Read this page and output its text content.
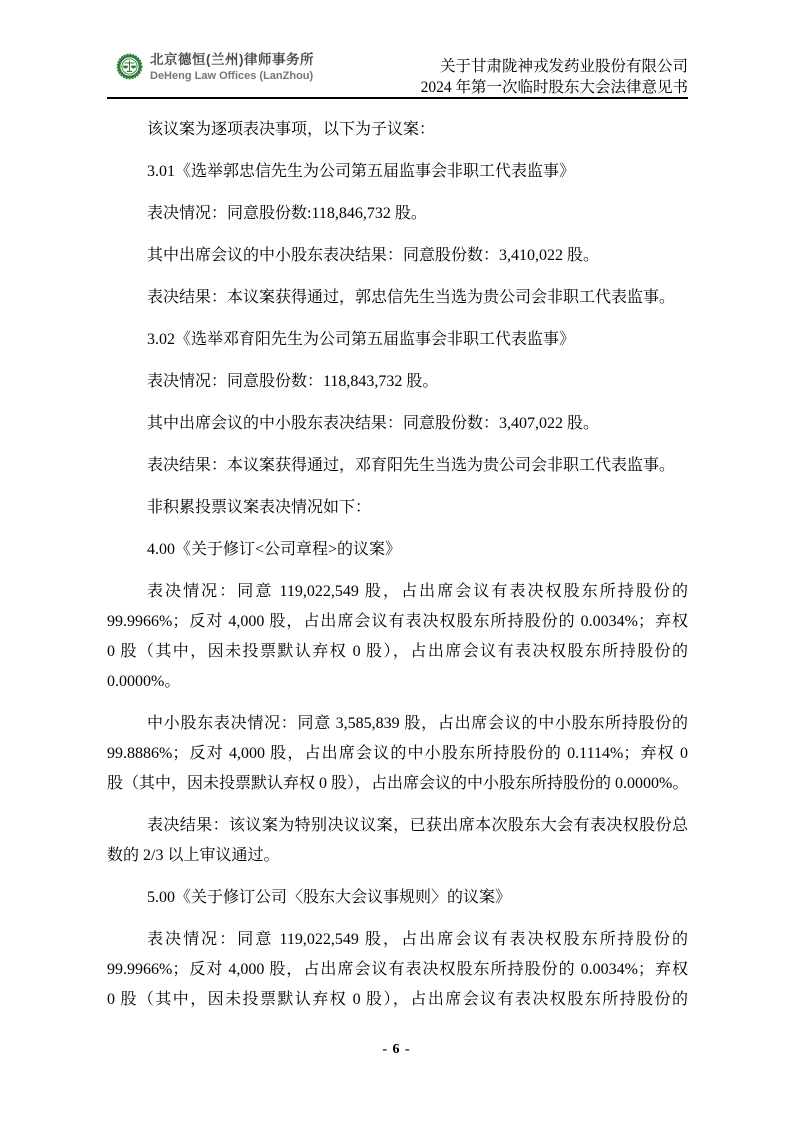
北京德恒(兰州)律师事务所
DeHeng Law Offices (LanZhou)
关于甘肃陇神戎发药业股份有限公司
2024 年第一次临时股东大会法律意见书
该议案为逐项表决事项，以下为子议案：
3.01《选举郭忠信先生为公司第五届监事会非职工代表监事》
表决情况：同意股份数:118,846,732 股。
其中出席会议的中小股东表决结果：同意股份数：3,410,022 股。
表决结果：本议案获得通过，郭忠信先生当选为贵公司会非职工代表监事。
3.02《选举邓育阳先生为公司第五届监事会非职工代表监事》
表决情况：同意股份数：118,843,732 股。
其中出席会议的中小股东表决结果：同意股份数：3,407,022 股。
表决结果：本议案获得通过，邓育阳先生当选为贵公司会非职工代表监事。
非积累投票议案表决情况如下：
4.00《关于修订<公司章程>的议案》
表决情况：同意 119,022,549 股，占出席会议有表决权股东所持股份的
99.9966%；反对 4,000 股，占出席会议有表决权股东所持股份的 0.0034%；弃权
0 股（其中，因未投票默认弃权 0 股），占出席会议有表决权股东所持股份的
0.0000%。
中小股东表决情况：同意 3,585,839 股，占出席会议的中小股东所持股份的
99.8886%；反对 4,000 股，占出席会议的中小股东所持股份的 0.1114%；弃权 0
股（其中，因未投票默认弃权 0 股），占出席会议的中小股东所持股份的 0.0000%。
表决结果：该议案为特别决议议案，已获出席本次股东大会有表决权股份总
数的 2/3 以上审议通过。
5.00《关于修订公司〈股东大会议事规则〉的议案》
表决情况：同意 119,022,549 股，占出席会议有表决权股东所持股份的
99.9966%；反对 4,000 股，占出席会议有表决权股东所持股份的 0.0034%；弃权
0 股（其中，因未投票默认弃权 0 股），占出席会议有表决权股东所持股份的
- 6 -
